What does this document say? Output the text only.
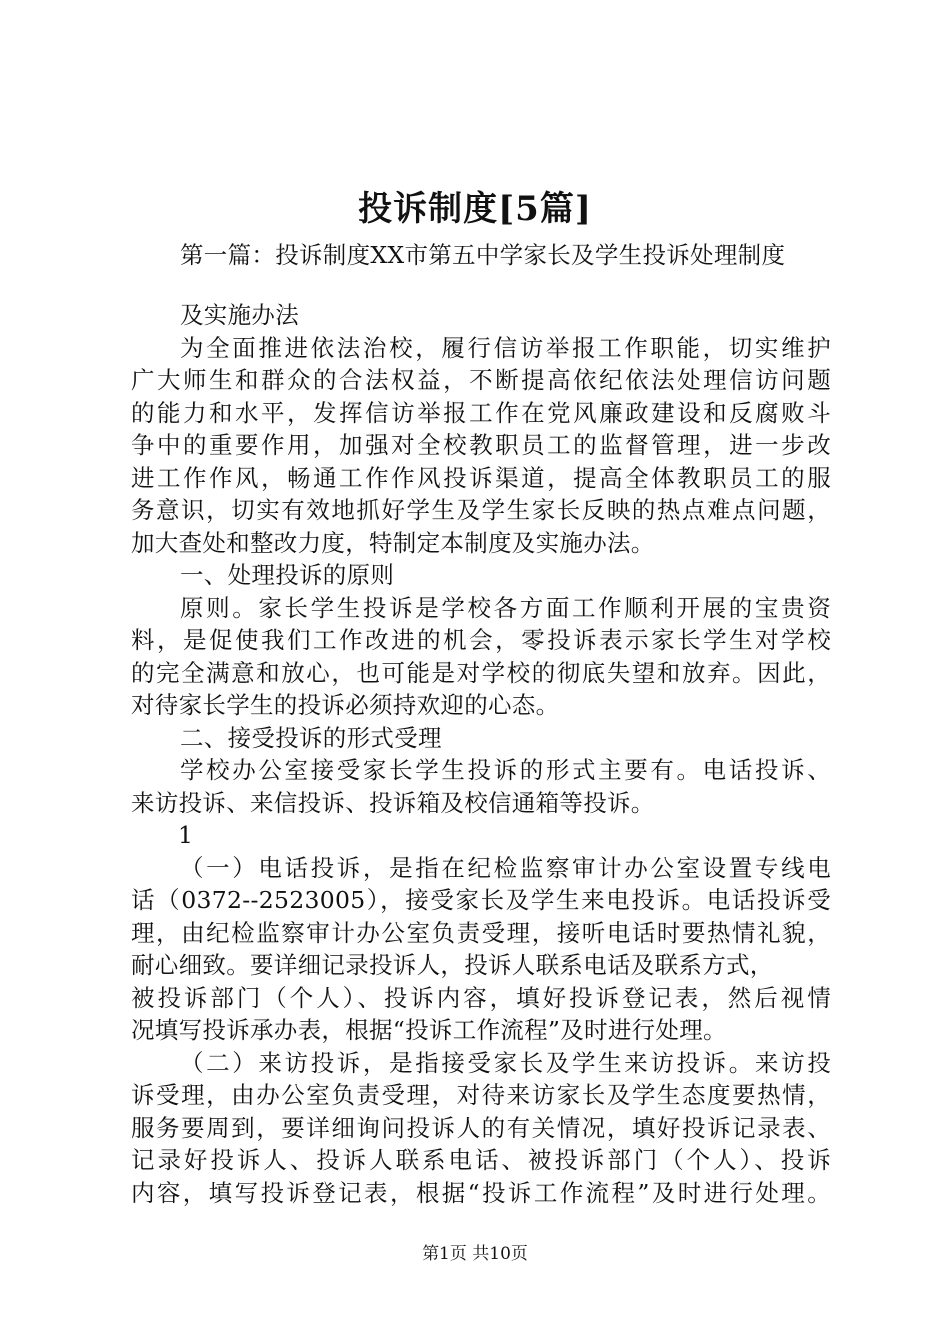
投诉制度[5篇]
第一篇：投诉制度XX市第五中学家长及学生投诉处理制度
及实施办法
为全面推进依法治校，履行信访举报工作职能，切实维护
广大师生和群众的合法权益，不断提高依纪依法处理信访问题
的能力和水平，发挥信访举报工作在党风廉政建设和反腐败斗
争中的重要作用，加强对全校教职员工的监督管理，进一步改
进工作作风，畅通工作作风投诉渠道，提高全体教职员工的服
务意识，切实有效地抓好学生及学生家长反映的热点难点问题，
加大查处和整改力度，特制定本制度及实施办法。
一、处理投诉的原则
原则。家长学生投诉是学校各方面工作顺利开展的宝贵资
料，是促使我们工作改进的机会，零投诉表示家长学生对学校
的完全满意和放心，也可能是对学校的彻底失望和放弃。因此，
对待家长学生的投诉必须持欢迎的心态。
二、接受投诉的形式受理
学校办公室接受家长学生投诉的形式主要有。电话投诉、
来访投诉、来信投诉、投诉箱及校信通箱等投诉。
1
（一）电话投诉，是指在纪检监察审计办公室设置专线电
话（0372--2523005），接受家长及学生来电投诉。电话投诉受
理，由纪检监察审计办公室负责受理，接听电话时要热情礼貌，
耐心细致。要详细记录投诉人，投诉人联系电话及联系方式，
被投诉部门（个人）、投诉内容，填好投诉登记表，然后视情
况填写投诉承办表，根据“投诉工作流程”及时进行处理。
（二）来访投诉，是指接受家长及学生来访投诉。来访投
诉受理，由办公室负责受理，对待来访家长及学生态度要热情，
服务要周到，要详细询问投诉人的有关情况，填好投诉记录表、
记录好投诉人、投诉人联系电话、被投诉部门（个人）、投诉
内容，填写投诉登记表，根据“投诉工作流程”及时进行处理。
第1页 共10页
